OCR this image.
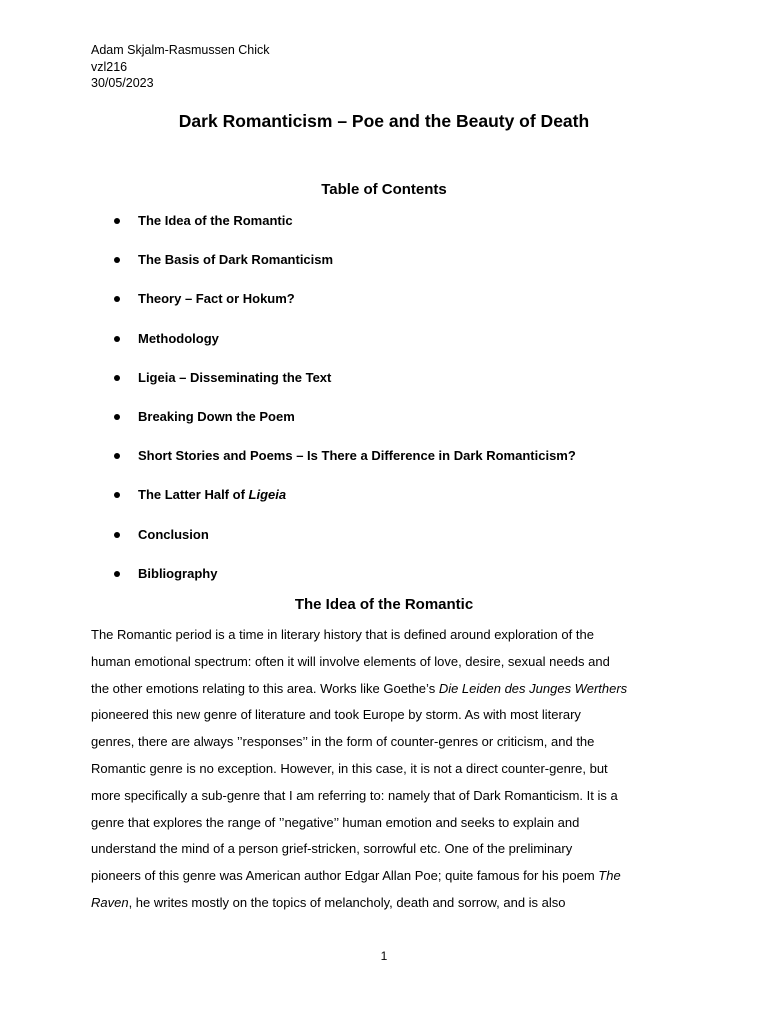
Adam Skjalm-Rasmussen Chick
vzl216
30/05/2023
Dark Romanticism – Poe and the Beauty of Death
Table of Contents
The Idea of the Romantic
The Basis of Dark Romanticism
Theory – Fact or Hokum?
Methodology
Ligeia – Disseminating the Text
Breaking Down the Poem
Short Stories and Poems – Is There a Difference in Dark Romanticism?
The Latter Half of Ligeia
Conclusion
Bibliography
The Idea of the Romantic
The Romantic period is a time in literary history that is defined around exploration of the
human emotional spectrum: often it will involve elements of love, desire, sexual needs and
the other emotions relating to this area. Works like Goethe’s Die Leiden des Junges Werthers
pioneered this new genre of literature and took Europe by storm. As with most literary
genres, there are always ’’responses’’ in the form of counter-genres or criticism, and the
Romantic genre is no exception. However, in this case, it is not a direct counter-genre, but
more specifically a sub-genre that I am referring to: namely that of Dark Romanticism. It is a
genre that explores the range of ’’negative’’ human emotion and seeks to explain and
understand the mind of a person grief-stricken, sorrowful etc. One of the preliminary
pioneers of this genre was American author Edgar Allan Poe; quite famous for his poem The
Raven, he writes mostly on the topics of melancholy, death and sorrow, and is also
1
